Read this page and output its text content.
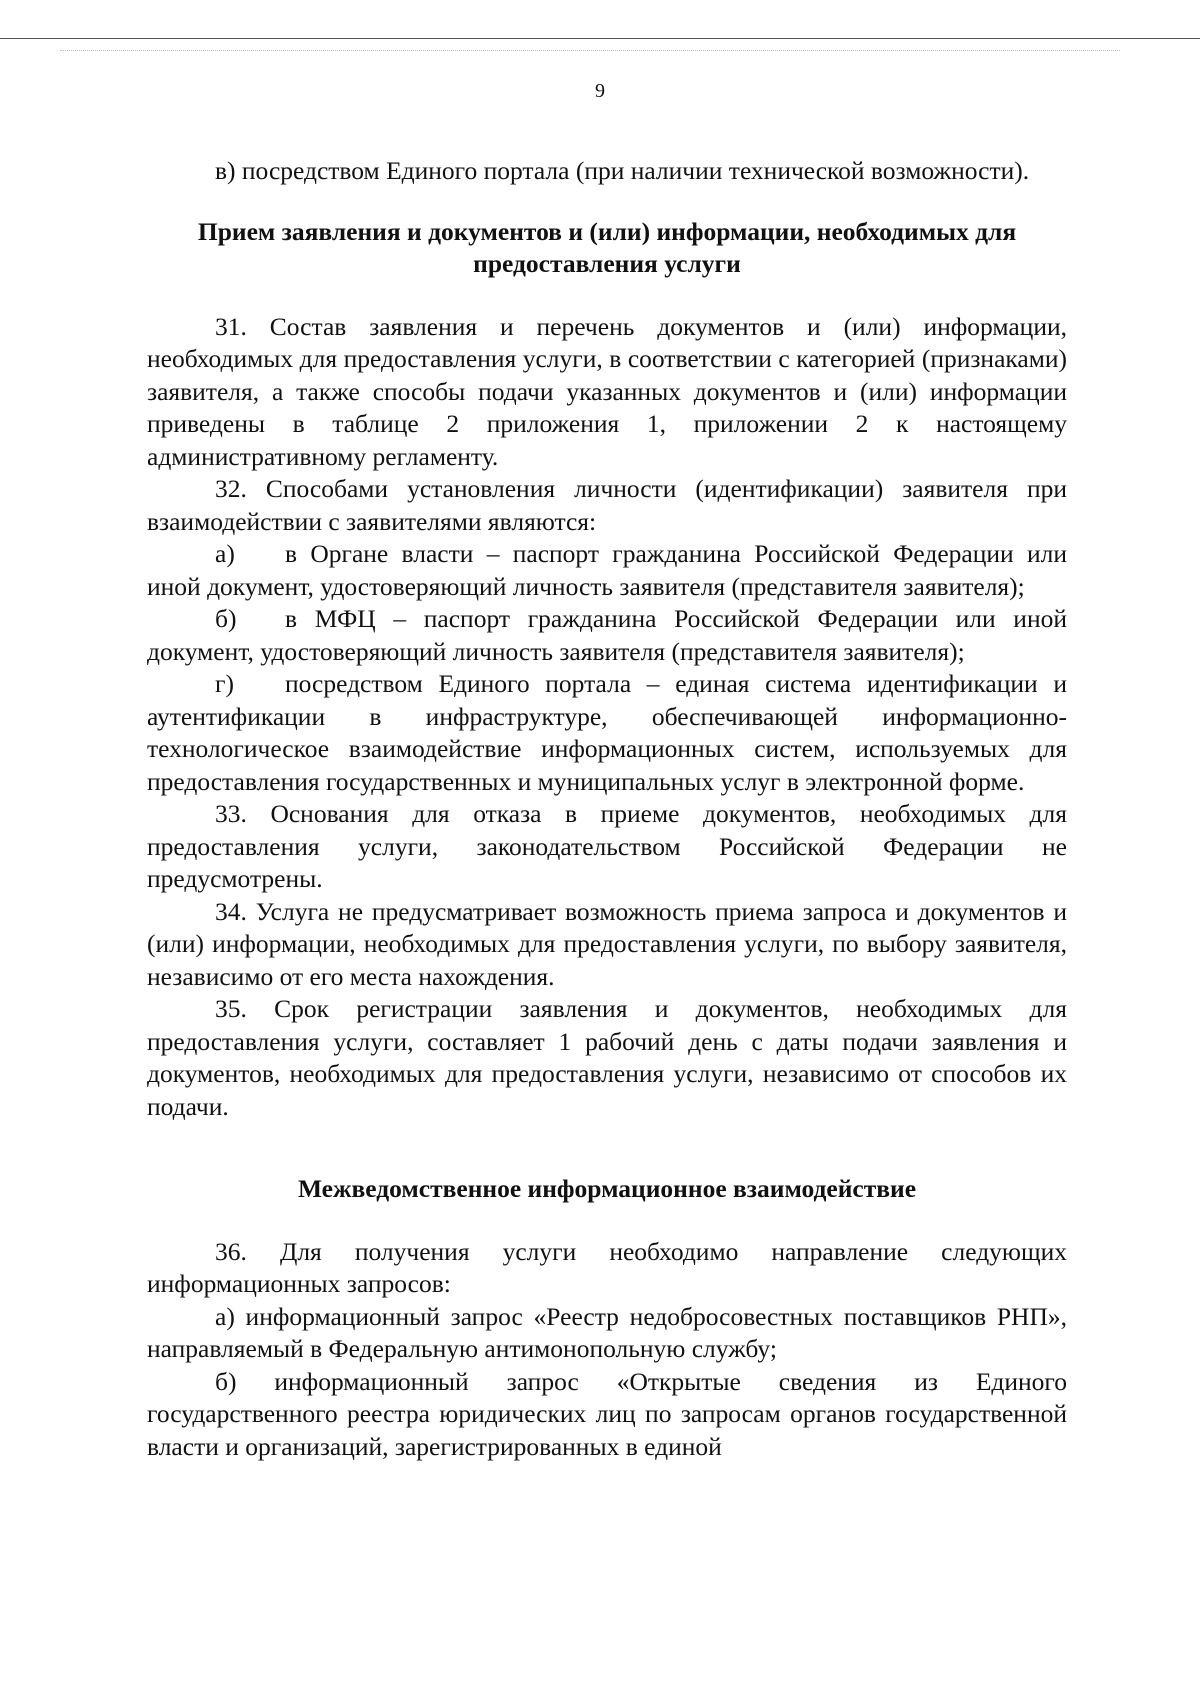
9

в) посредством Единого портала (при наличии технической возможности).

Прием заявления и документов и (или) информации, необходимых для
предоставления услуги

31. Состав заявления и перечень документов и (или) информации, необходимых для предоставления услуги, в соответствии с категорией (признаками) заявителя, а также способы подачи указанных документов и (или) информации приведены в таблице 2 приложения 1, приложении 2 к настоящему административному регламенту.

32. Способами установления личности (идентификации) заявителя при взаимодействии с заявителями являются:

а) в Органе власти – паспорт гражданина Российской Федерации или иной документ, удостоверяющий личность заявителя (представителя заявителя);

б) в МФЦ – паспорт гражданина Российской Федерации или иной документ, удостоверяющий личность заявителя (представителя заявителя);

г) посредством Единого портала – единая система идентификации и аутентификации в инфраструктуре, обеспечивающей информационно-технологическое взаимодействие информационных систем, используемых для предоставления государственных и муниципальных услуг в электронной форме.

33. Основания для отказа в приеме документов, необходимых для предоставления услуги, законодательством Российской Федерации не предусмотрены.

34. Услуга не предусматривает возможность приема запроса и документов и (или) информации, необходимых для предоставления услуги, по выбору заявителя, независимо от его места нахождения.

35. Срок регистрации заявления и документов, необходимых для предоставления услуги, составляет 1 рабочий день с даты подачи заявления и документов, необходимых для предоставления услуги, независимо от способов их подачи.

Межведомственное информационное взаимодействие

36. Для получения услуги необходимо направление следующих информационных запросов:

а) информационный запрос «Реестр недобросовестных поставщиков РНП», направляемый в Федеральную антимонопольную службу;

б) информационный запрос «Открытые сведения из Единого государственного реестра юридических лиц по запросам органов государственной власти и организаций, зарегистрированных в единой
